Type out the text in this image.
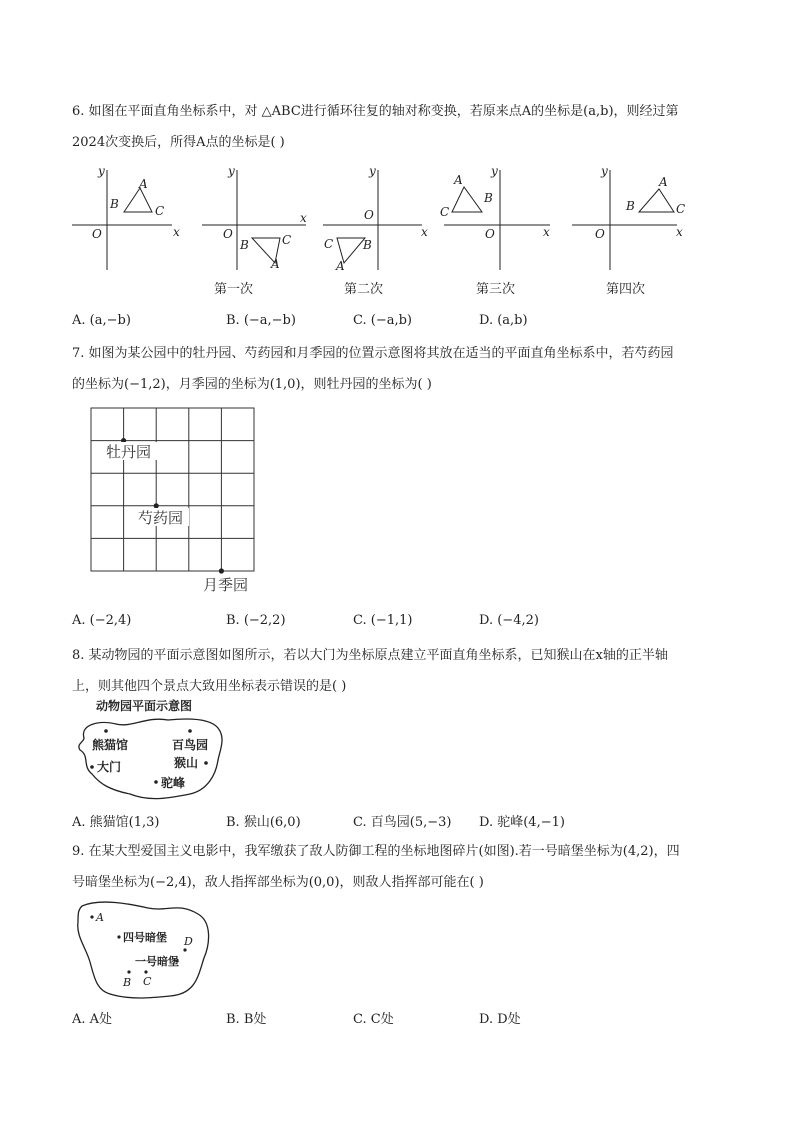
6. 如图在平面直角坐标系中，对 △ABC进行循环往复的轴对称变换，若原来点A的坐标是(a,b)，则经过第
2024次变换后，所得A点的坐标是( )
y
x
O
A
B	C
y
x
O
A
B	C
y
x
O
A
B
C
y
x
O
A
B
C
y
x
O
A
B	C
第一次	第二次	第三次	第四次
A. (a,−b)	B. (−a,−b)	C. (−a,b)	D. (a,b)
7. 如图为某公园中的牡丹园、芍药园和月季园的位置示意图将其放在适当的平面直角坐标系中，若芍药园
的坐标为(−1,2)，月季园的坐标为(1,0)，则牡丹园的坐标为( )
牡丹园
芍药园
月季园
A. (−2,4)	B. (−2,2)	C. (−1,1)	D. (−4,2)
8. 某动物园的平面示意图如图所示，若以大门为坐标原点建立平面直角坐标系，已知猴山在x轴的正半轴
上，则其他四个景点大致用坐标表示错误的是( )
动物园平面示意图
熊猫馆	百鸟园
大门	猴山
驼峰
A. 熊猫馆(1,3)	B. 猴山(6,0)	C. 百鸟园(5,−3) D. 驼峰(4,−1)
9. 在某大型爱国主义电影中，我军缴获了敌人防御工程的坐标地图碎片(如图).若一号暗堡坐标为(4,2)，四
号暗堡坐标为(−2,4)，敌人指挥部坐标为(0,0)，则敌人指挥部可能在( )
A
四号暗堡 D
一号暗堡
B C
A. A处	B. B处	C. C处	D. D处
